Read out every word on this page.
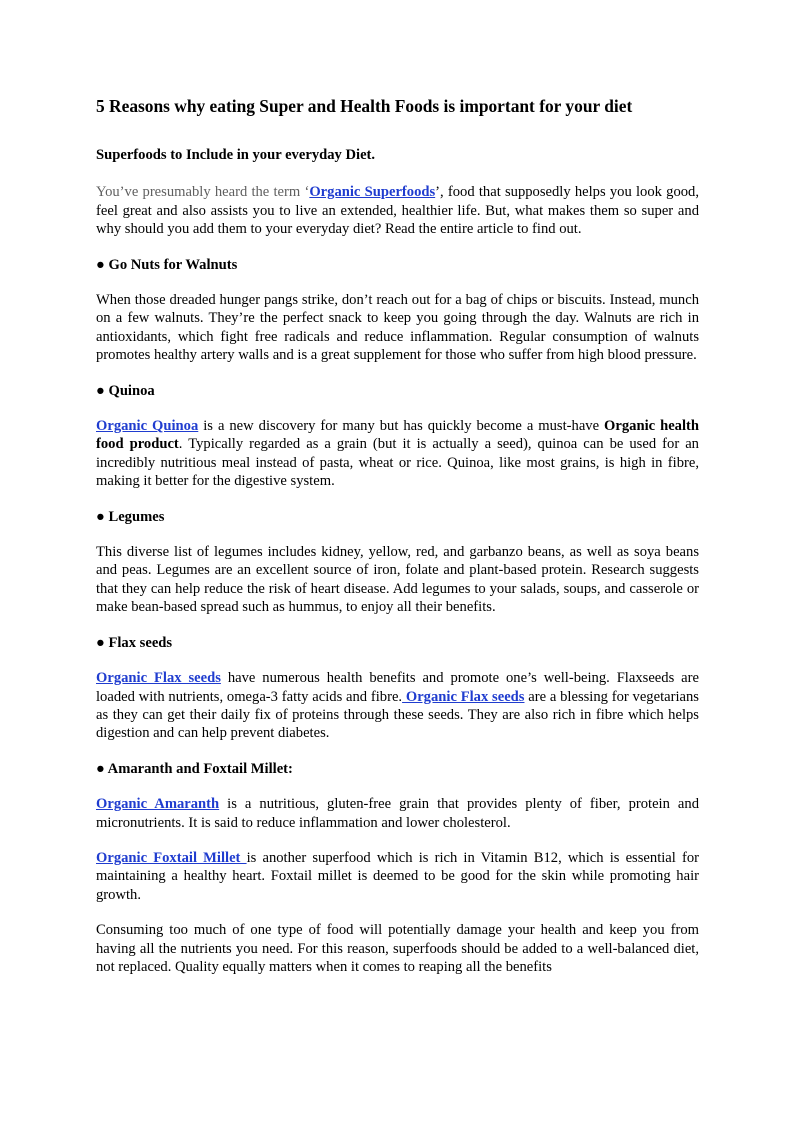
5 Reasons why eating Super and Health Foods is important for your diet
Superfoods to Include in your everyday Diet.

You’ve presumably heard the term ‘Organic Superfoods’, food that supposedly helps you look good, feel great and also assists you to live an extended, healthier life. But, what makes them so super and why should you add them to your everyday diet? Read the entire article to find out.

● Go Nuts for Walnuts

When those dreaded hunger pangs strike, don’t reach out for a bag of chips or biscuits. Instead, munch on a few walnuts. They’re the perfect snack to keep you going through the day. Walnuts are rich in antioxidants, which fight free radicals and reduce inflammation. Regular consumption of walnuts promotes healthy artery walls and is a great supplement for those who suffer from high blood pressure.

● Quinoa

Organic Quinoa is a new discovery for many but has quickly become a must-have Organic health food product. Typically regarded as a grain (but it is actually a seed), quinoa can be used for an incredibly nutritious meal instead of pasta, wheat or rice. Quinoa, like most grains, is high in fibre, making it better for the digestive system.

● Legumes

This diverse list of legumes includes kidney, yellow, red, and garbanzo beans, as well as soya beans and peas. Legumes are an excellent source of iron, folate and plant-based protein. Research suggests that they can help reduce the risk of heart disease. Add legumes to your salads, soups, and casserole or make bean-based spread such as hummus, to enjoy all their benefits.

● Flax seeds

Organic Flax seeds have numerous health benefits and promote one’s well-being. Flaxseeds are loaded with nutrients, omega-3 fatty acids and fibre. Organic Flax seeds are a blessing for vegetarians as they can get their daily fix of proteins through these seeds. They are also rich in fibre which helps digestion and can help prevent diabetes.

● Amaranth and Foxtail Millet:

Organic Amaranth is a nutritious, gluten-free grain that provides plenty of fiber, protein and micronutrients. It is said to reduce inflammation and lower cholesterol.

Organic Foxtail Millet is another superfood which is rich in Vitamin B12, which is essential for maintaining a healthy heart. Foxtail millet is deemed to be good for the skin while promoting hair growth.

Consuming too much of one type of food will potentially damage your health and keep you from having all the nutrients you need. For this reason, superfoods should be added to a well-balanced diet, not replaced. Quality equally matters when it comes to reaping all the benefits
